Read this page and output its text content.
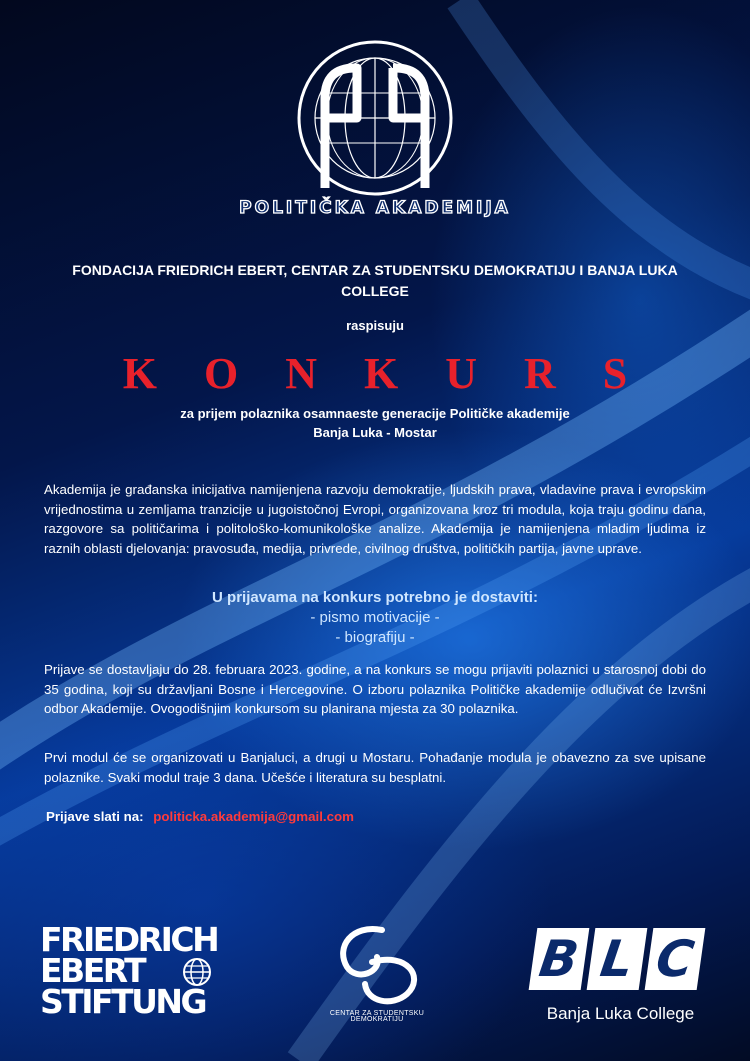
POLITIČKA AKADEMIJA
FONDACIJA FRIEDRICH EBERT, CENTAR ZA STUDENTSKU DEMOKRATIJU I BANJA LUKA COLLEGE
raspisuju
K O N K U R S
za prijem polaznika osamnaeste generacije Političke akademije
Banja Luka - Mostar
Akademija je građanska inicijativa namijenjena razvoju demokratije, ljudskih prava, vladavine prava i evropskim vrijednostima u zemljama tranzicije u jugoistočnoj Evropi, organizovana kroz tri modula, koja traju godinu dana, razgovore sa političarima i politološko-komunikološke analize. Akademija je namijenjena mladim ljudima iz raznih oblasti djelovanja: pravosuđa, medija, privrede, civilnog društva, političkih partija, javne uprave.
U prijavama na konkurs potrebno je dostaviti:
- pismo motivacije -
- biografiju -
Prijave se dostavljaju do 28. februara 2023. godine, a na konkurs se mogu prijaviti polaznici u starosnoj dobi do 35 godina, koji su državljani Bosne i Hercegovine. O izboru polaznika Političke akademije odlučivat će Izvršni odbor Akademije. Ovogodišnjim konkursom su planirana mjesta za 30 polaznika.
Prvi modul će se organizovati u Banjaluci, a drugi u Mostaru. Pohađanje modula je obavezno za sve upisane polaznike. Svaki modul traje 3 dana. Učešće i literatura su besplatni.
Prijave slati na: politicka.akademija@gmail.com
FRIEDRICH
EBERT
STIFTUNG	CENTAR ZA STUDENTSKU
DEMOKRATIJU
B L C
Banja Luka College
